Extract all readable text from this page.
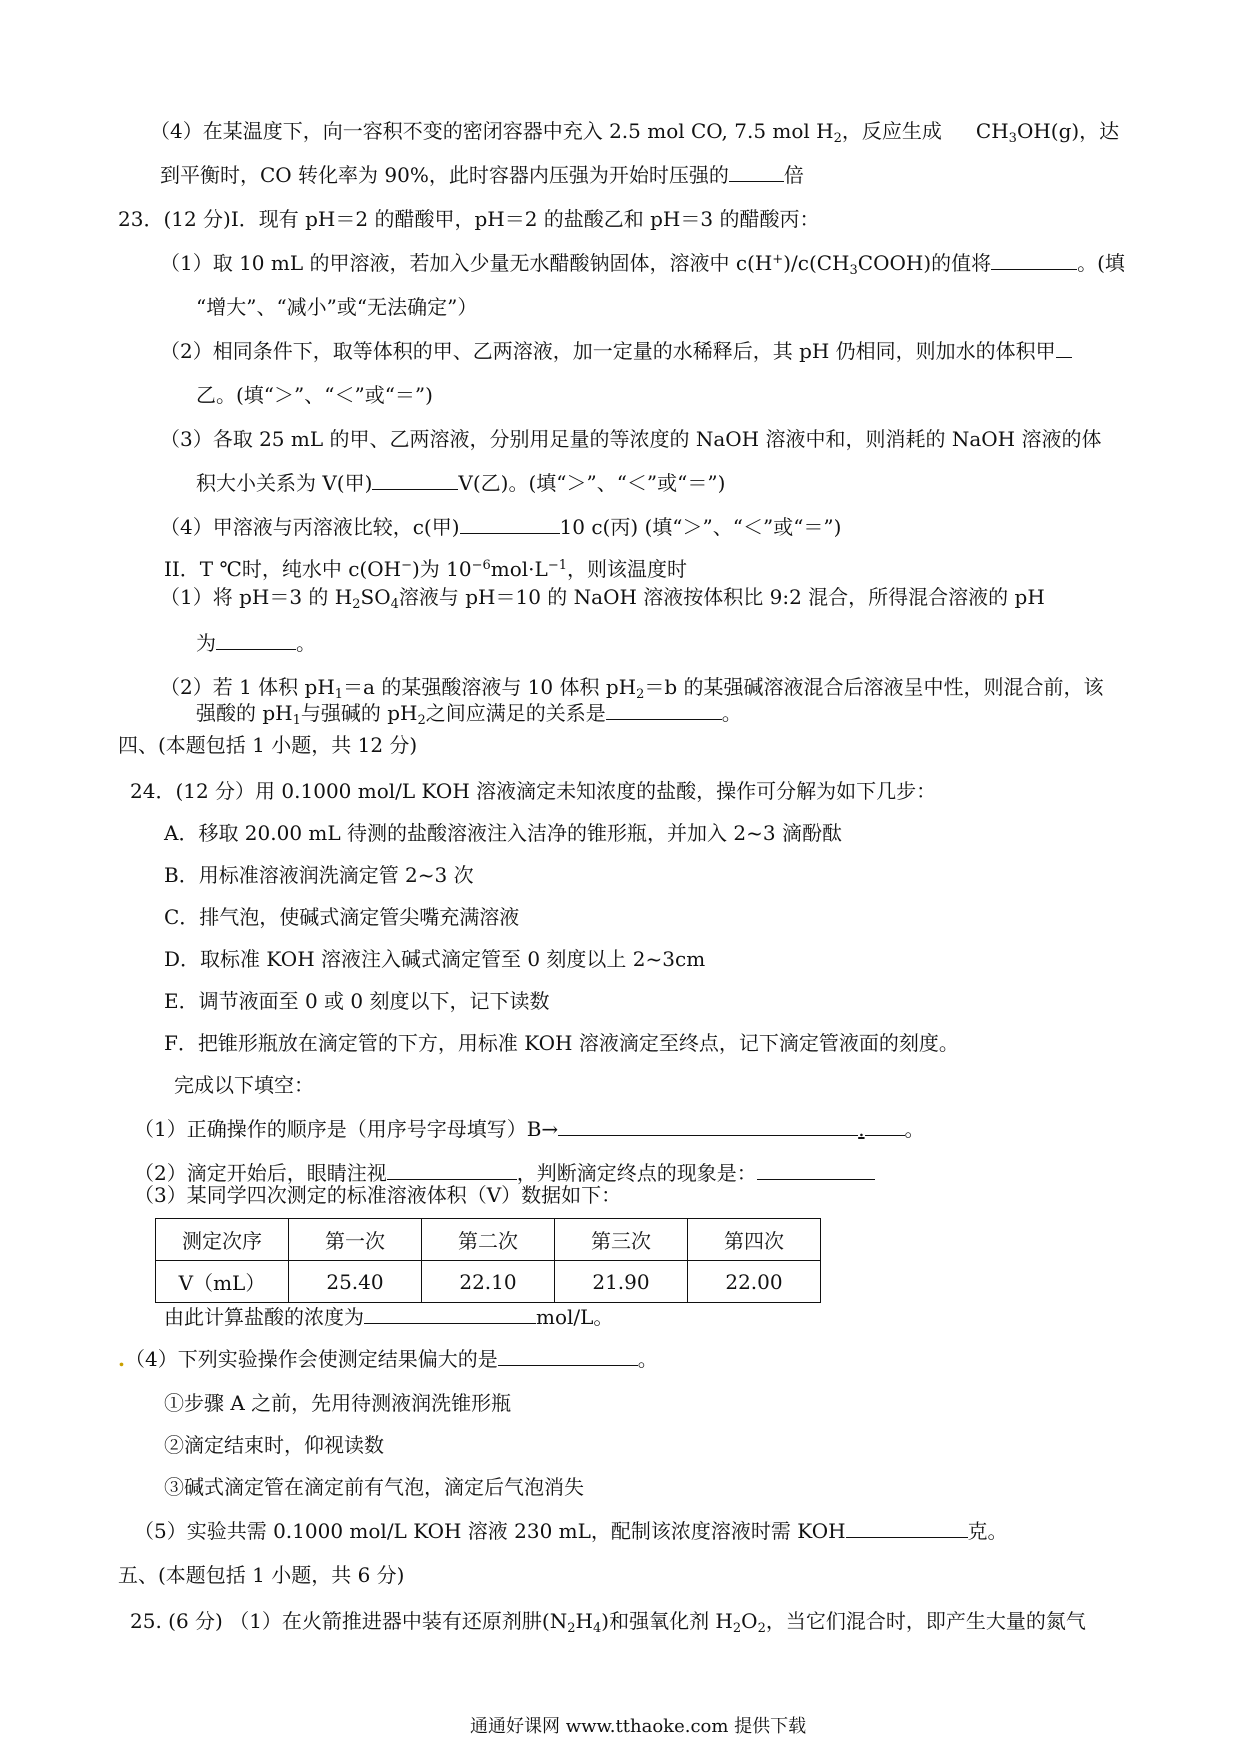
（4）在某温度下，向一容积不变的密闭容器中充入 2.5 mol CO, 7.5 mol $H_2$，反应生成 $CH_3OH(g)$，达
到平衡时，CO 转化率为 90%，此时容器内压强为开始时压强的	倍
23．(12 分)I．现有 pH＝2 的醋酸甲，pH＝2 的盐酸乙和 pH＝3 的醋酸丙：
（1）取 10 mL 的甲溶液，若加入少量无水醋酸钠固体，溶液中 $c(H^+)/c(CH_3COOH)$的值将	。(填
“增大”、“减小”或“无法确定”）
（2）相同条件下，取等体积的甲、乙两溶液，加一定量的水稀释后，其 pH 仍相同，则加水的体积甲
乙。(填“＞”、“＜”或“＝”)
（3）各取 25 mL 的甲、乙两溶液，分别用足量的等浓度的 NaOH 溶液中和，则消耗的 NaOH 溶液的体
积大小关系为 V(甲)	V(乙)。(填“＞”、“＜”或“＝”)
（4）甲溶液与丙溶液比较，c(甲)	10 c(丙) (填“＞”、“＜”或“＝”)
II．T ℃时，纯水中 c(OH−)为 $10^{-6}mol\cdot L^{-1}$，则该温度时
（1）将 pH＝3 的 $H_2SO_4$溶液与 pH＝10 的 NaOH 溶液按体积比 9:2 混合，所得混合溶液的 pH
为	。
（2）若 1 体积 $pH_1=a$ 的某强酸溶液与 10 体积 $pH_2=b$ 的某强碱溶液混合后溶液呈中性，则混合前，该
强酸的 $pH_1$与强碱的 $pH_2$之间应满足的关系是	。
四、(本题包括 1 小题，共 12 分)
24．(12 分）用 0.1000 mol/L KOH 溶液滴定未知浓度的盐酸，操作可分解为如下几步：
A．移取 20.00 mL 待测的盐酸溶液注入洁净的锥形瓶，并加入 2~3 滴酚酞
B．用标准溶液润洗滴定管 2~3 次
C．排气泡，使碱式滴定管尖嘴充满溶液
D．取标准 KOH 溶液注入碱式滴定管至 0 刻度以上 2~3cm
E．调节液面至 0 或 0 刻度以下，记下读数
F．把锥形瓶放在滴定管的下方，用标准 KOH 溶液滴定至终点，记下滴定管液面的刻度。
完成以下填空：
（1）正确操作的顺序是（用序号字母填写）B→	. 。
（2）滴定开始后，眼睛注视	，判断滴定终点的现象是：
（3）某同学四次测定的标准溶液体积（V）数据如下：
测定次序	第一次	第二次	第三次	第四次
V（mL）	25.40	22.10	21.90	22.00
由此计算盐酸的浓度为	mol/L。
.（4）下列实验操作会使测定结果偏大的是	。
①步骤 A 之前，先用待测液润洗锥形瓶
②滴定结束时，仰视读数
③碱式滴定管在滴定前有气泡，滴定后气泡消失
（5）实验共需 0.1000 mol/L KOH 溶液 230 mL，配制该浓度溶液时需 KOH	克。
五、(本题包括 1 小题，共 6 分)
25. (6 分) （1）在火箭推进器中装有还原剂肼$(N_2H_4)$和强氧化剂 $H_2O_2$，当它们混合时，即产生大量的氮气
通通好课网 www.tthaoke.com 提供下载
